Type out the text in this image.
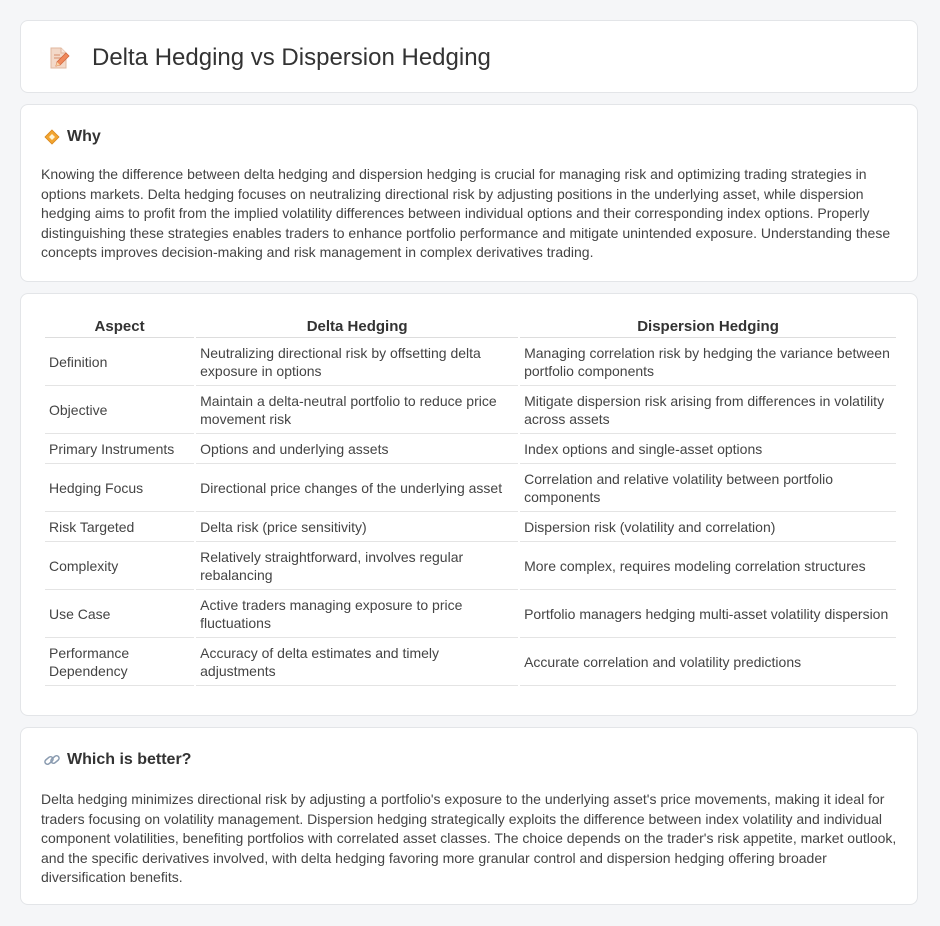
Delta Hedging vs Dispersion Hedging
Why
Knowing the difference between delta hedging and dispersion hedging is crucial for managing risk and optimizing trading strategies in options markets. Delta hedging focuses on neutralizing directional risk by adjusting positions in the underlying asset, while dispersion hedging aims to profit from the implied volatility differences between individual options and their corresponding index options. Properly distinguishing these strategies enables traders to enhance portfolio performance and mitigate unintended exposure. Understanding these concepts improves decision-making and risk management in complex derivatives trading.
Aspect	Delta Hedging	Dispersion Hedging
Definition	Neutralizing directional risk by offsetting delta exposure in options	Managing correlation risk by hedging the variance between portfolio components
Objective	Maintain a delta-neutral portfolio to reduce price movement risk	Mitigate dispersion risk arising from differences in volatility across assets
Primary Instruments	Options and underlying assets	Index options and single-asset options
Hedging Focus	Directional price changes of the underlying asset	Correlation and relative volatility between portfolio components
Risk Targeted	Delta risk (price sensitivity)	Dispersion risk (volatility and correlation)
Complexity	Relatively straightforward, involves regular rebalancing	More complex, requires modeling correlation structures
Use Case	Active traders managing exposure to price fluctuations	Portfolio managers hedging multi-asset volatility dispersion
Performance Dependency	Accuracy of delta estimates and timely adjustments	Accurate correlation and volatility predictions
Which is better?
Delta hedging minimizes directional risk by adjusting a portfolio's exposure to the underlying asset's price movements, making it ideal for traders focusing on volatility management. Dispersion hedging strategically exploits the difference between index volatility and individual component volatilities, benefiting portfolios with correlated asset classes. The choice depends on the trader's risk appetite, market outlook, and the specific derivatives involved, with delta hedging favoring more granular control and dispersion hedging offering broader diversification benefits.
